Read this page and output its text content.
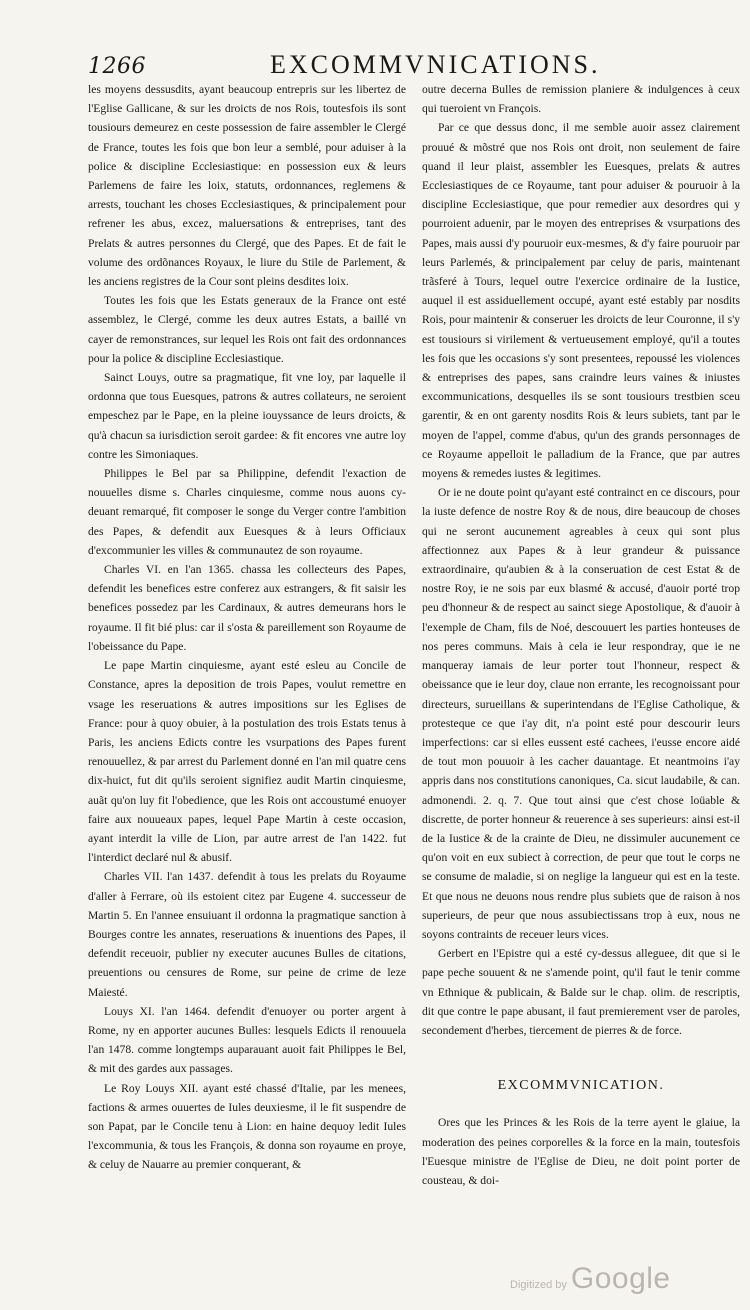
1266	EXCOMMVNICATIONS.

les moyens dessusdits, ayant beaucoup entrepris sur les libertez de l'Eglise Gallicane, & sur les droicts de nos Rois, toutesfois ils sont tousiours demeurez en ceste possession de faire assembler le Clergé de France, toutes les fois que bon leur a semblé, pour aduiser à la police & discipline Ecclesiastique: en possession eux & leurs Parlemens de faire les loix, statuts, ordonnances, reglemens & arrests, touchant les choses Ecclesiastiques, & principalement pour refrener les abus, excez, maluersations & entreprises, tant des Prelats & autres personnes du Clergé, que des Papes. Et de fait le volume des ordõnances Royaux, le liure du Stile de Parlement, & les anciens registres de la Cour sont pleins desdites loix.

Toutes les fois que les Estats generaux de la France ont esté assemblez, le Clergé, comme les deux autres Estats, a baillé vn cayer de remonstrances, sur lequel les Rois ont fait des ordonnances pour la police & discipline Ecclesiastique.

Sainct Louys, outre sa pragmatique, fit vne loy, par laquelle il ordonna que tous Euesques, patrons & autres collateurs, ne seroient empeschez par le Pape, en la pleine iouyssance de leurs droicts, & qu'à chacun sa iurisdiction seroit gardee: & fit encores vne autre loy contre les Simoniaques.

Philippes le Bel par sa Philippine, defendit l'exaction de nouuelles disme s. Charles cinquiesme, comme nous auons cy-deuant remarqué, fit composer le songe du Verger contre l'ambition des Papes, & defendit aux Euesques & à leurs Officiaux d'excommunier les villes & communautez de son royaume.

Charles VI. en l'an 1365. chassa les collecteurs des Papes, defendit les benefices estre conferez aux estrangers, & fit saisir les benefices possedez par les Cardinaux, & autres demeurans hors le royaume. Il fit bié plus: car il s'osta & pareillement son Royaume de l'obeissance du Pape.

Le pape Martin cinquiesme, ayant esté esleu au Concile de Constance, apres la deposition de trois Papes, voulut remettre en vsage les reseruations & autres impositions sur les Eglises de France: pour à quoy obuier, à la postulation des trois Estats tenus à Paris, les anciens Edicts contre les vsurpations des Papes furent renouuellez, & par arrest du Parlement donné en l'an mil quatre cens dix-huict, fut dit qu'ils seroient signifiez audit Martin cinquiesme, auãt qu'on luy fit l'obedience, que les Rois ont accoustumé enuoyer faire aux nouueaux papes, lequel Pape Martin à ceste occasion, ayant interdit la ville de Lion, par autre arrest de l'an 1422. fut l'interdict declaré nul & abusif.

Charles VII. l'an 1437. defendit à tous les prelats du Royaume d'aller à Ferrare, où ils estoient citez par Eugene 4. successeur de Martin 5. En l'annee ensuiuant il ordonna la pragmatique sanction à Bourges contre les annates, reseruations & inuentions des Papes, il defendit receuoir, publier ny executer aucunes Bulles de citations, preuentions ou censures de Rome, sur peine de crime de leze Maiesté.

Louys XI. l'an 1464. defendit d'enuoyer ou porter argent à Rome, ny en apporter aucunes Bulles: lesquels Edicts il renouuela l'an 1478. comme longtemps auparauant auoit fait Philippes le Bel, & mit des gardes aux passages.

Le Roy Louys XII. ayant esté chassé d'Italie, par les menees, factions & armes ouuertes de Iules deuxiesme, il le fit suspendre de son Papat, par le Concile tenu à Lion: en haine dequoy ledit Iules l'excommunia, & tous les François, & donna son royaume en proye, & celuy de Nauarre au premier conquerant, &

outre decerna Bulles de remission planiere & indulgences à ceux qui tueroient vn François.

Par ce que dessus donc, il me semble auoir assez clairement prouué & mõstré que nos Rois ont droit, non seulement de faire quand il leur plaist, assembler les Euesques, prelats & autres Ecclesiastiques de ce Royaume, tant pour aduiser & pouruoir à la discipline Ecclesiastique, que pour remedier aux desordres qui y pourroient aduenir, par le moyen des entreprises & vsurpations des Papes, mais aussi d'y pouruoir eux-mesmes, & d'y faire pouruoir par leurs Parlemés, & principalement par celuy de paris, maintenant trãsferé à Tours, lequel outre l'exercice ordinaire de la Iustice, auquel il est assiduellement occupé, ayant esté estably par nosdits Rois, pour maintenir & conseruer les droicts de leur Couronne, il s'y est tousiours si virilement & vertueusement employé, qu'il a toutes les fois que les occasions s'y sont presentees, repoussé les violences & entreprises des papes, sans craindre leurs vaines & iniustes excommunications, desquelles ils se sont tousiours trestbien sceu garentir, & en ont garenty nosdits Rois & leurs subiets, tant par le moyen de l'appel, comme d'abus, qu'un des grands personnages de ce Royaume appelloit le palladium de la France, que par autres moyens & remedes iustes & legitimes.

Or ie ne doute point qu'ayant esté contrainct en ce discours, pour la iuste defence de nostre Roy & de nous, dire beaucoup de choses qui ne seront aucunement agreables à ceux qui sont plus affectionnez aux Papes & à leur grandeur & puissance extraordinaire, qu'aubien & à la conseruation de cest Estat & de nostre Roy, ie ne sois par eux blasmé & accusé, d'auoir porté trop peu d'honneur & de respect au sainct siege Apostolique, & d'auoir à l'exemple de Cham, fils de Noé, descouuert les parties honteuses de nos peres communs. Mais à cela ie leur respondray, que ie ne manqueray iamais de leur porter tout l'honneur, respect & obeissance que ie leur doy, claue non errante, les recognoissant pour directeurs, surueillans & superintendans de l'Eglise Catholique, & protesteque ce que i'ay dit, n'a point esté pour descourir leurs imperfections: car si elles eussent esté cachees, i'eusse encore aidé de tout mon pouuoir à les cacher dauantage. Et neantmoins i'ay appris dans nos constitutions canoniques, Ca. sicut laudabile, & can. admonendi. 2. q. 7. Que tout ainsi que c'est chose loüable & discrette, de porter honneur & reuerence à ses superieurs: ainsi est-il de la Iustice & de la crainte de Dieu, ne dissimuler aucunement ce qu'on voit en eux subiect à correction, de peur que tout le corps ne se consume de maladie, si on neglige la langueur qui est en la teste. Et que nous ne deuons nous rendre plus subiets que de raison à nos superieurs, de peur que nous assubiectissans trop à eux, nous ne soyons contraints de receuer leurs vices.

Gerbert en l'Epistre qui a esté cy-dessus alleguee, dit que si le pape peche souuent & ne s'amende point, qu'il faut le tenir comme vn Ethnique & publicain, & Balde sur le chap. olim. de rescriptis, dit que contre le pape abusant, il faut premierement vser de paroles, secondement d'herbes, tiercement de pierres & de force.

EXCOMMVNICATION.

Ores que les Princes & les Rois de la terre ayent le glaiue, la moderation des peines corporelles & la force en la main, toutesfois l'Euesque ministre de l'Eglise de Dieu, ne doit point porter de cousteau, & doi-

Digitized by Google
